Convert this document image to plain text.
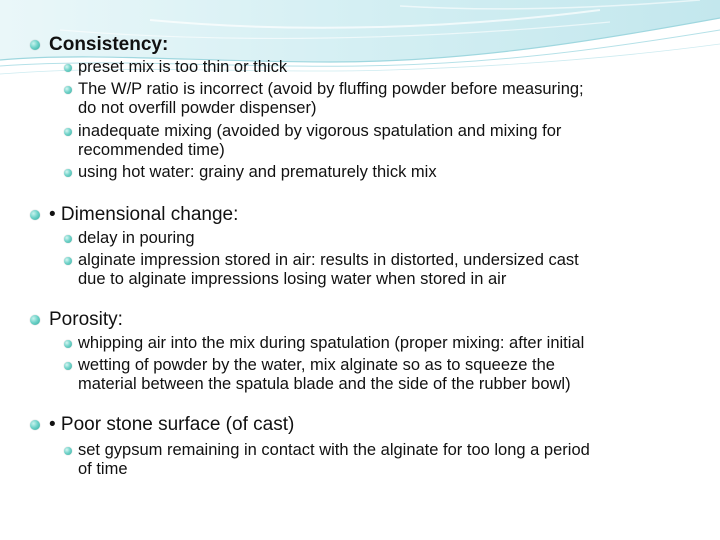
Consistency:
preset mix is too thin or thick
The W/P ratio is incorrect (avoid by fluffing powder before measuring;
do not overfill powder dispenser)
inadequate mixing (avoided by vigorous spatulation and mixing for
recommended time)
using hot water: grainy and prematurely thick mix
• Dimensional change:
delay in pouring
alginate impression stored in air: results in distorted, undersized cast
due to alginate impressions losing water when stored in air
Porosity:
whipping air into the mix during spatulation (proper mixing: after initial
wetting of powder by the water, mix alginate so as to squeeze the
material between the spatula blade and the side of the rubber bowl)
• Poor stone surface (of cast)
set gypsum remaining in contact with the alginate for too long a period
of time
